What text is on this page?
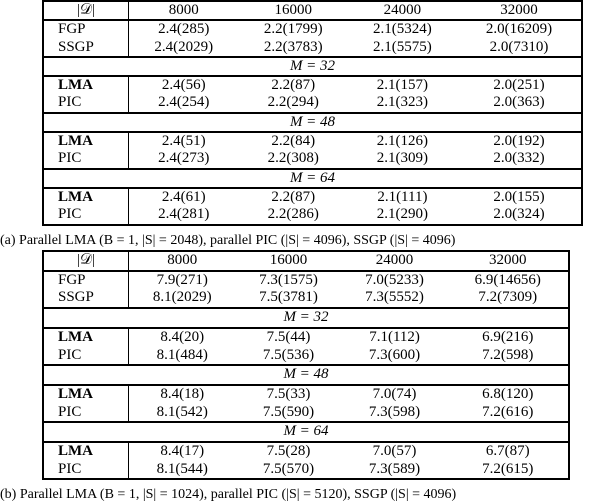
|𝒟|	8000	16000	24000	32000
FGP	2.4(285)	2.2(1799)	2.1(5324)	2.0(16209)
SSGP	2.4(2029)	2.2(3783)	2.1(5575)	2.0(7310)
M = 32				
LMA	2.4(56)	2.2(87)	2.1(157)	2.0(251)
PIC	2.4(254)	2.2(294)	2.1(323)	2.0(363)
M = 48				
LMA	2.4(51)	2.2(84)	2.1(126)	2.0(192)
PIC	2.4(273)	2.2(308)	2.1(309)	2.0(332)
M = 64				
LMA	2.4(61)	2.2(87)	2.1(111)	2.0(155)
PIC	2.4(281)	2.2(286)	2.1(290)	2.0(324)
(a) Parallel LMA (B = 1, |S| = 2048), parallel PIC (|S| = 4096), SSGP (|S| = 4096)
|𝒟|	8000	16000	24000	32000
FGP	7.9(271)	7.3(1575)	7.0(5233)	6.9(14656)
SSGP	8.1(2029)	7.5(3781)	7.3(5552)	7.2(7309)
M = 32				
LMA	8.4(20)	7.5(44)	7.1(112)	6.9(216)
PIC	8.1(484)	7.5(536)	7.3(600)	7.2(598)
M = 48				
LMA	8.4(18)	7.5(33)	7.0(74)	6.8(120)
PIC	8.1(542)	7.5(590)	7.3(598)	7.2(616)
M = 64				
LMA	8.4(17)	7.5(28)	7.0(57)	6.7(87)
PIC	8.1(544)	7.5(570)	7.3(589)	7.2(615)
(b) Parallel LMA (B = 1, |S| = 1024), parallel PIC (|S| = 5120), SSGP (|S| = 4096)
